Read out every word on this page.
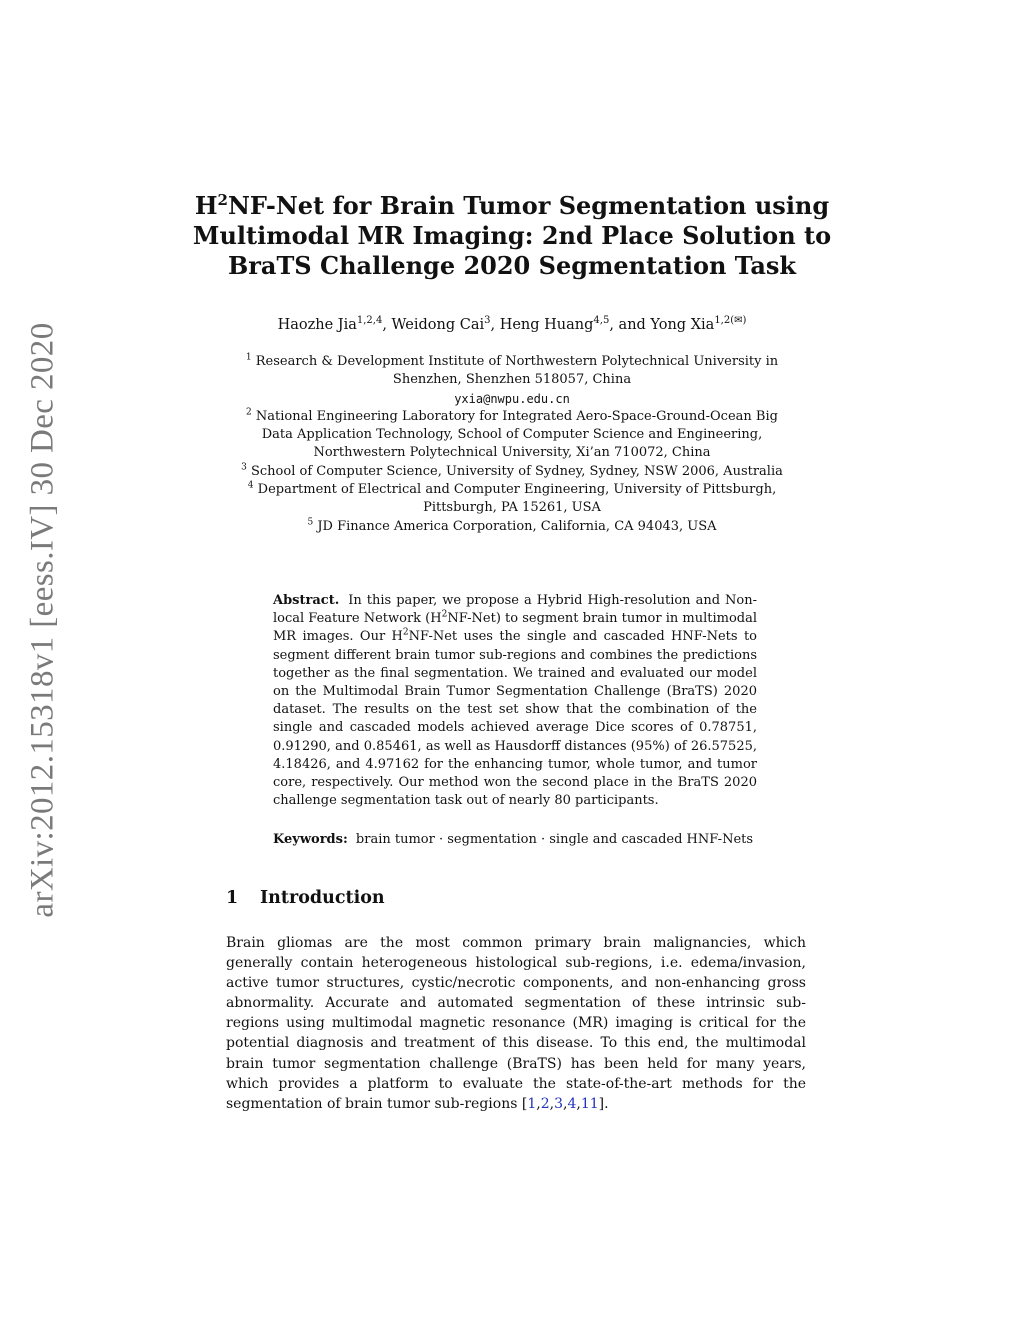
arXiv:2012.15318v1 [eess.IV] 30 Dec 2020
$H^2NF$-Net for Brain Tumor Segmentation using
Multimodal MR Imaging: 2nd Place Solution to
BraTS Challenge 2020 Segmentation Task
Haozhe Jia$^{1,2,4}$, Weidong Cai$^3$, Heng Huang$^{4,5}$, and Yong Xia$^{1,2(✉)}$
$^1$ Research & Development Institute of Northwestern Polytechnical University in
Shenzhen, Shenzhen 518057, China
yxia@nwpu.edu.cn
$^2$ National Engineering Laboratory for Integrated Aero-Space-Ground-Ocean Big
Data Application Technology, School of Computer Science and Engineering,
Northwestern Polytechnical University, Xi’an 710072, China
$^3$ School of Computer Science, University of Sydney, Sydney, NSW 2006, Australia
$^4$ Department of Electrical and Computer Engineering, University of Pittsburgh,
Pittsburgh, PA 15261, USA
$^5$ JD Finance America Corporation, California, CA 94043, USA
Abstract. In this paper, we propose a Hybrid High-resolution and Non-local Feature Network $(H^2NF-Net)$ to segment brain tumor in multimodal MR images. Our $H^2NF$-Net uses the single and cascaded HNF-Nets to segment different brain tumor sub-regions and combines the predictions together as the final segmentation. We trained and evaluated our model on the Multimodal Brain Tumor Segmentation Challenge (BraTS) 2020 dataset. The results on the test set show that the combination of the single and cascaded models achieved average Dice scores of 0.78751, 0.91290, and 0.85461, as well as Hausdorff distances (95%) of 26.57525, 4.18426, and 4.97162 for the enhancing tumor, whole tumor, and tumor core, respectively. Our method won the second place in the BraTS 2020 challenge segmentation task out of nearly 80 participants.
Keywords: brain tumor · segmentation · single and cascaded HNF-Nets
1 Introduction
Brain gliomas are the most common primary brain malignancies, which generally contain heterogeneous histological sub-regions, i.e. edema/invasion, active tumor structures, cystic/necrotic components, and non-enhancing gross abnormality. Accurate and automated segmentation of these intrinsic sub-regions using multimodal magnetic resonance (MR) imaging is critical for the potential diagnosis and treatment of this disease. To this end, the multimodal brain tumor segmentation challenge (BraTS) has been held for many years, which provides a platform to evaluate the state-of-the-art methods for the segmentation of brain tumor sub-regions [1,2,3,4,11].
